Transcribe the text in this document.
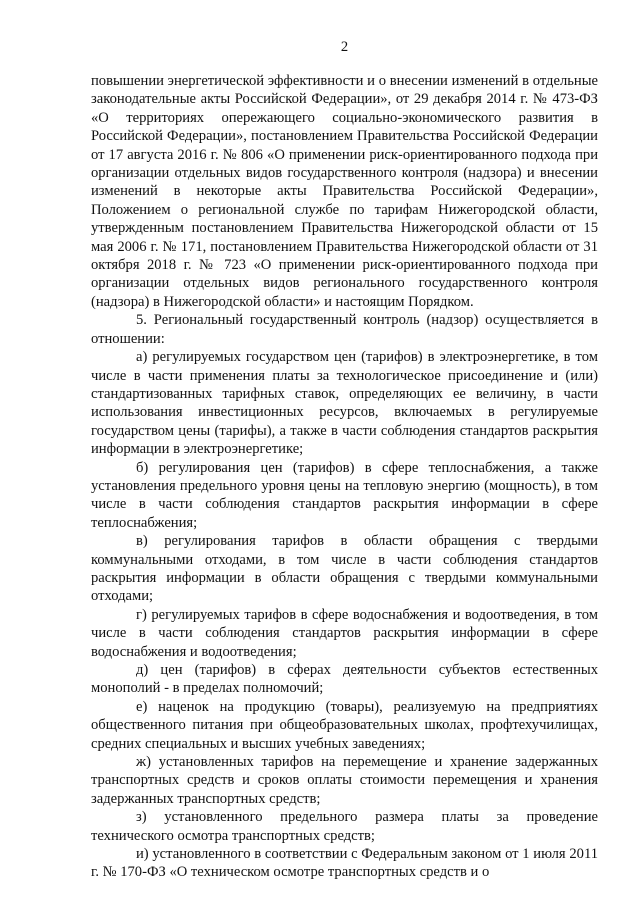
2

повышении энергетической эффективности и о внесении изменений в отдельные законодательные акты Российской Федерации», от 29 декабря 2014 г. № 473-ФЗ «О территориях опережающего социально-экономического развития в Российской Федерации», постановлением Правительства Российской Федерации от 17 августа 2016 г. № 806 «О применении риск-ориентированного подхода при организации отдельных видов государственного контроля (надзора) и внесении изменений в некоторые акты Правительства Российской Федерации», Положением о региональной службе по тарифам Нижегородской области, утвержденным постановлением Правительства Нижегородской области от 15 мая 2006 г. № 171, постановлением Правительства Нижегородской области от 31 октября 2018 г. № 723 «О применении риск-ориентированного подхода при организации отдельных видов регионального государственного контроля (надзора) в Нижегородской области» и настоящим Порядком.

5. Региональный государственный контроль (надзор) осуществляется в отношении:

а) регулируемых государством цен (тарифов) в электроэнергетике, в том числе в части применения платы за технологическое присоединение и (или) стандартизованных тарифных ставок, определяющих ее величину, в части использования инвестиционных ресурсов, включаемых в регулируемые государством цены (тарифы), а также в части соблюдения стандартов раскрытия информации в электроэнергетике;

б) регулирования цен (тарифов) в сфере теплоснабжения, а также установления предельного уровня цены на тепловую энергию (мощность), в том числе в части соблюдения стандартов раскрытия информации в сфере теплоснабжения;

в) регулирования тарифов в области обращения с твердыми коммунальными отходами, в том числе в части соблюдения стандартов раскрытия информации в области обращения с твердыми коммунальными отходами;

г) регулируемых тарифов в сфере водоснабжения и водоотведения, в том числе в части соблюдения стандартов раскрытия информации в сфере водоснабжения и водоотведения;

д) цен (тарифов) в сферах деятельности субъектов естественных монополий - в пределах полномочий;

е) наценок на продукцию (товары), реализуемую на предприятиях общественного питания при общеобразовательных школах, профтехучилищах, средних специальных и высших учебных заведениях;

ж) установленных тарифов на перемещение и хранение задержанных транспортных средств и сроков оплаты стоимости перемещения и хранения задержанных транспортных средств;

з) установленного предельного размера платы за проведение технического осмотра транспортных средств;

и) установленного в соответствии с Федеральным законом от 1 июля 2011 г. № 170-ФЗ «О техническом осмотре транспортных средств и о
